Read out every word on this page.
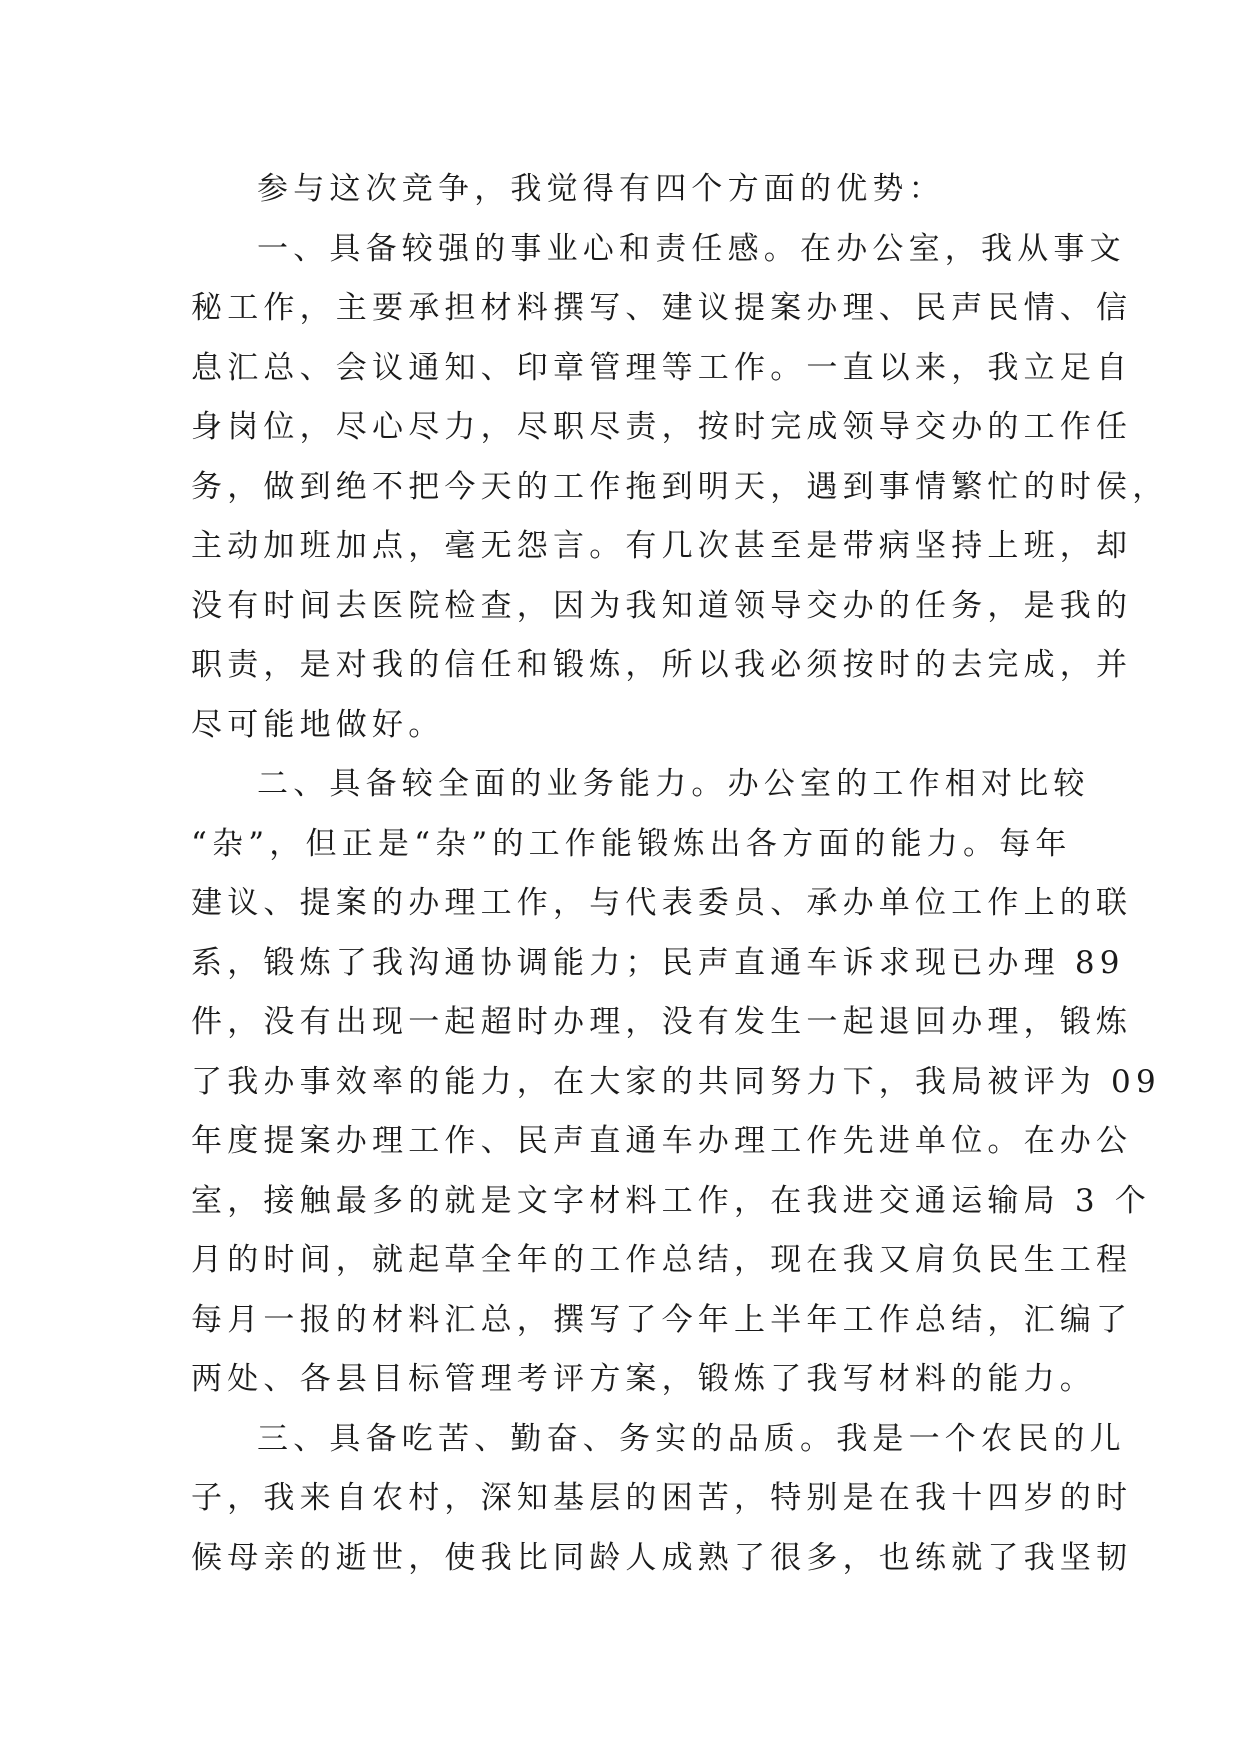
参与这次竞争，我觉得有四个方面的优势：
一、具备较强的事业心和责任感。在办公室，我从事文
秘工作，主要承担材料撰写、建议提案办理、民声民情、信
息汇总、会议通知、印章管理等工作。一直以来，我立足自
身岗位，尽心尽力，尽职尽责，按时完成领导交办的工作任
务，做到绝不把今天的工作拖到明天，遇到事情繁忙的时侯，
主动加班加点，毫无怨言。有几次甚至是带病坚持上班，却
没有时间去医院检查，因为我知道领导交办的任务，是我的
职责，是对我的信任和锻炼，所以我必须按时的去完成，并
尽可能地做好。
二、具备较全面的业务能力。办公室的工作相对比较
“杂”，但正是“杂”的工作能锻炼出各方面的能力。每年
建议、提案的办理工作，与代表委员、承办单位工作上的联
系，锻炼了我沟通协调能力；民声直通车诉求现已办理 89
件，没有出现一起超时办理，没有发生一起退回办理，锻炼
了我办事效率的能力，在大家的共同努力下，我局被评为 09
年度提案办理工作、民声直通车办理工作先进单位。在办公
室，接触最多的就是文字材料工作，在我进交通运输局 3 个
月的时间，就起草全年的工作总结，现在我又肩负民生工程
每月一报的材料汇总，撰写了今年上半年工作总结，汇编了
两处、各县目标管理考评方案，锻炼了我写材料的能力。
三、具备吃苦、勤奋、务实的品质。我是一个农民的儿
子，我来自农村，深知基层的困苦，特别是在我十四岁的时
候母亲的逝世，使我比同龄人成熟了很多，也练就了我坚韧
